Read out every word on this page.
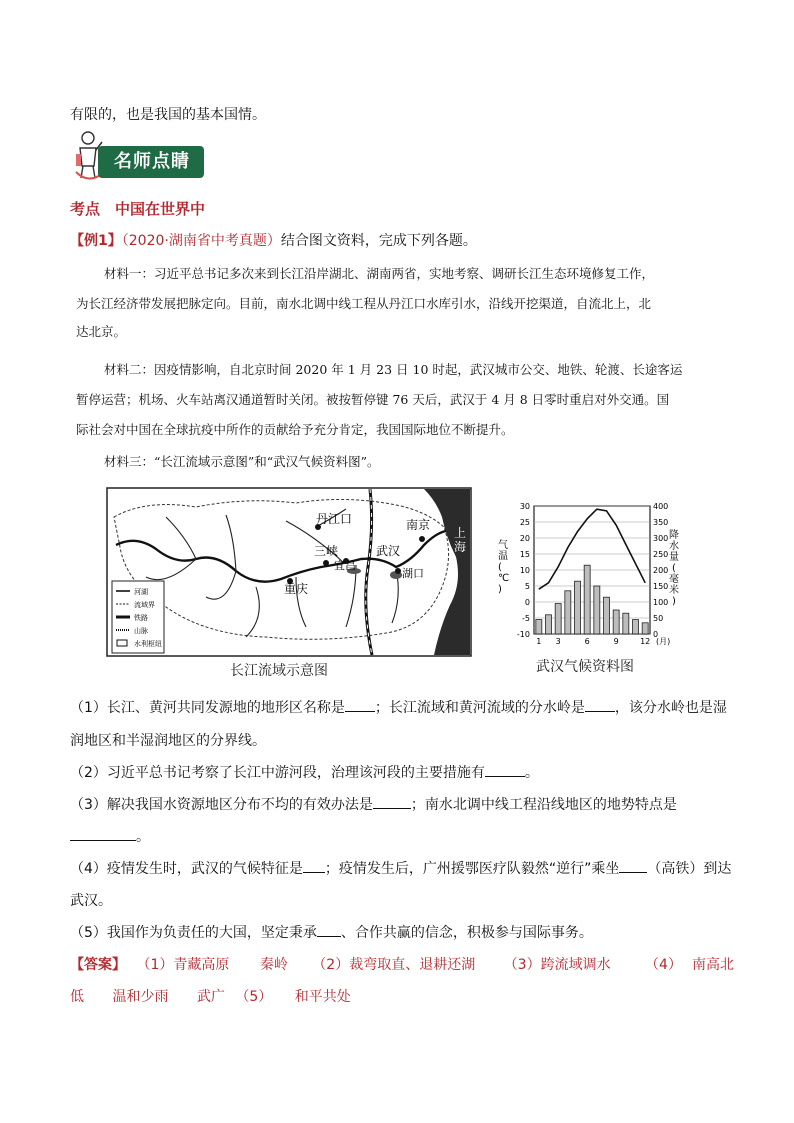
有限的，也是我国的基本国情。
名师点睛
考点　中国在世界中
【例1】（2020·湖南省中考真题）结合图文资料，完成下列各题。
材料一：习近平总书记多次来到长江沿岸湖北、湖南两省，实地考察、调研长江生态环境修复工作，
为长江经济带发展把脉定向。目前，南水北调中线工程从丹江口水库引水，沿线开挖渠道，自流北上，北
达北京。
材料二：因疫情影响，自北京时间 2020 年 1 月 23 日 10 时起，武汉城市公交、地铁、轮渡、长途客运
暂停运营；机场、火车站离汉通道暂时关闭。被按暂停键 76 天后，武汉于 4 月 8 日零时重启对外交通。国
际社会对中国在全球抗疫中所作的贡献给予充分肯定，我国国际地位不断提升。
材料三：“长江流域示意图”和“武汉气候资料图”。
丹江口	南京
上
海
三峡	武汉
宜昌
湖口
重庆
河湖
流域界
铁路
山脉
水利枢纽
长江流域示意图
30
25
20
15
10
5
0
-5
-10
400
350
300
250
200
150
100
50
0
1 3	6	9	12
气
温
(
℃
)
降
水
量
(
毫
米
)
(月)
武汉气候资料图
（1）长江、黄河共同发源地的地形区名称是 ；长江流域和黄河流域的分水岭是 ，该分水岭也是湿
润地区和半湿润地区的分界线。
（2）习近平总书记考察了长江中游河段，治理该河段的主要措施有	。
（3）解决我国水资源地区分布不均的有效办法是	；南水北调中线工程沿线地区的地势特点是
。
（4）疫情发生时，武汉的气候特征是 ；疫情发生后，广州援鄂医疗队毅然“逆行”乘坐 （高铁）到达
武汉。
（5）我国作为负责任的大国，坚定秉承 、合作共赢的信念，积极参与国际事务。
【答案】 （1）青藏高原 秦岭 （2）裁弯取直、退耕还湖 （3）跨流域调水 （4） 南高北
低 温和少雨 武广 （5） 和平共处
